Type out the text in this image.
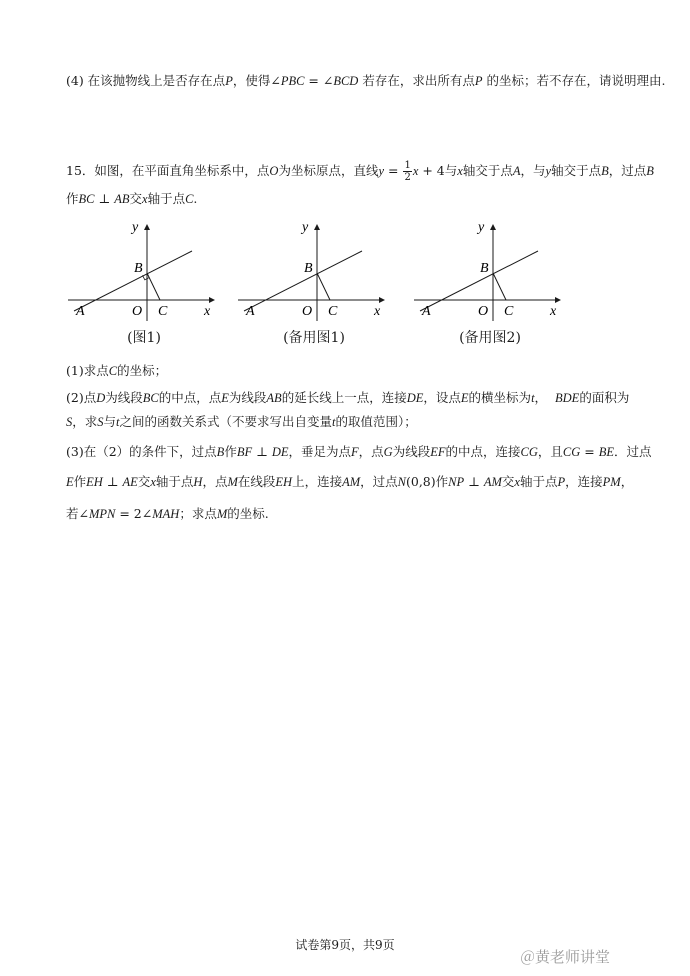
(4) 在该抛物线上是否存在点P，使得∠PBC = ∠BCD 若存在，求出所有点P 的坐标；若不存在，请说明理由.
15．如图，在平面直角坐标系中，点O为坐标原点，直线$y = \frac{1}{2}$ x + 4与x轴交于点A，与y轴交于点B，过点B
作BC ⊥ AB交x轴于点C.
y
x
A
B
O C
(图1)
y
x
A
B
O C
(备用图1)
y
x
A
B
O C
(备用图2)
(1)求点C的坐标；
(2)点D为线段BC的中点，点E为线段AB的延长线上一点，连接DE，设点E的横坐标为t， BDE的面积为
S，求S与t之间的函数关系式（不要求写出自变量t的取值范围）；
(3)在（2）的条件下，过点B作BF ⊥ DE，垂足为点F，点G为线段EF的中点，连接CG，且CG = BE．过点
E作EH ⊥ AE交x轴于点H，点M在线段EH上，连接AM，过点N(0,8)作NP ⊥ AM交x轴于点P，连接PM，
若∠MPN = 2∠MAH；求点M的坐标.
试卷第9页，共9页
＠黄老师讲堂
